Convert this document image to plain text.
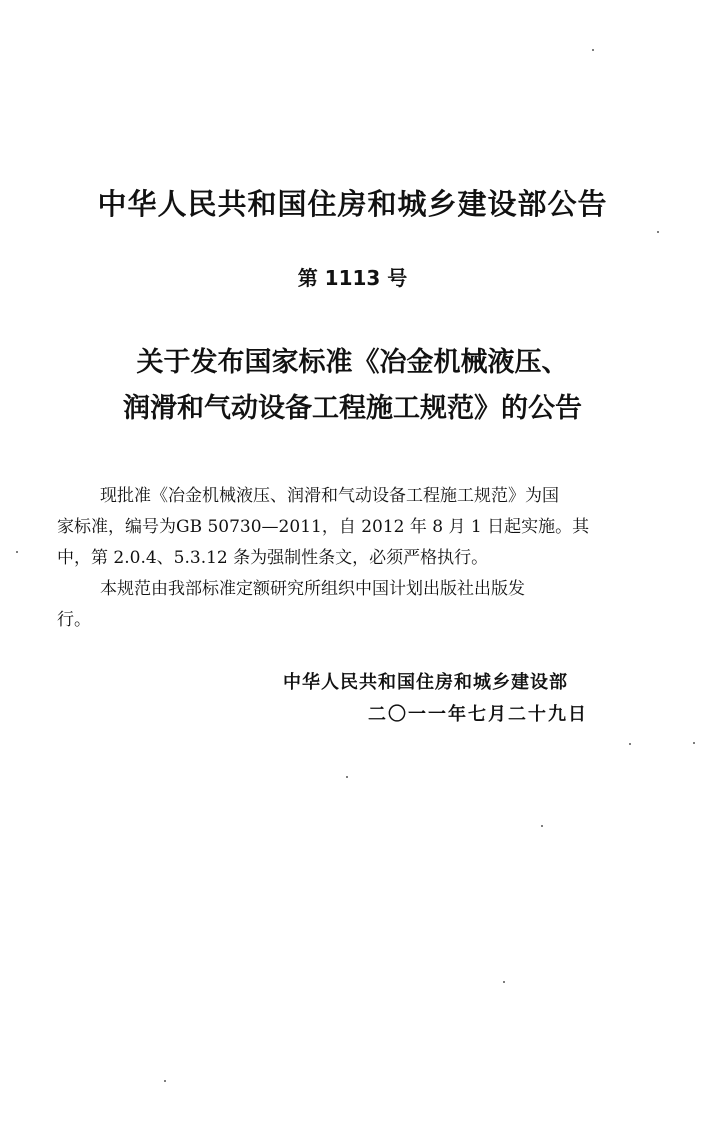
中华人民共和国住房和城乡建设部公告
第 1113 号
关于发布国家标准《冶金机械液压、
润滑和气动设备工程施工规范》的公告
现批准《冶金机械液压、润滑和气动设备工程施工规范》为国
家标准，编号为GB 50730—2011，自 2012 年 8 月 1 日起实施。其
中，第 2.0.4、5.3.12 条为强制性条文，必须严格执行。
本规范由我部标准定额研究所组织中国计划出版社出版发
行。
中华人民共和国住房和城乡建设部
二〇一一年七月二十九日
